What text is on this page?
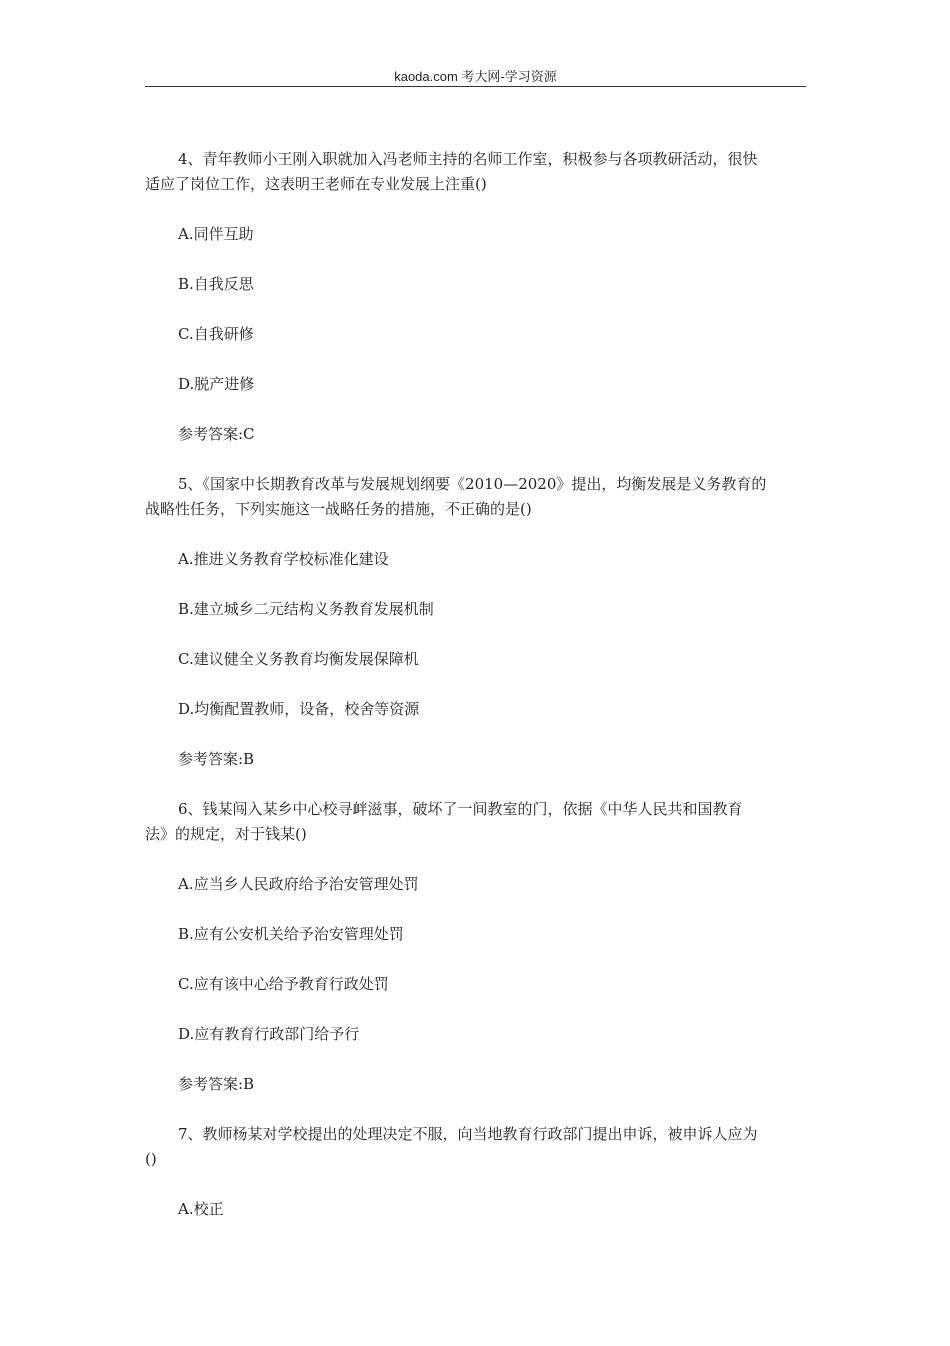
kaoda.com 考大网-学习资源
4、青年教师小王刚入职就加入冯老师主持的名师工作室，积极参与各项教研活动，很快
适应了岗位工作，这表明王老师在专业发展上注重()
A.同伴互助
B.自我反思
C.自我研修
D.脱产进修
参考答案:C
5、《国家中长期教育改革与发展规划纲要《2010—2020》提出，均衡发展是义务教育的
战略性任务，下列实施这一战略任务的措施，不正确的是()
A.推进义务教育学校标准化建设
B.建立城乡二元结构义务教育发展机制
C.建议健全义务教育均衡发展保障机
D.均衡配置教师，设备，校舍等资源
参考答案:B
6、钱某闯入某乡中心校寻衅滋事，破坏了一间教室的门，依据《中华人民共和国教育
法》的规定，对于钱某()
A.应当乡人民政府给予治安管理处罚
B.应有公安机关给予治安管理处罚
C.应有该中心给予教育行政处罚
D.应有教育行政部门给予行
参考答案:B
7、教师杨某对学校提出的处理决定不服，向当地教育行政部门提出申诉，被申诉人应为
()
A.校正
